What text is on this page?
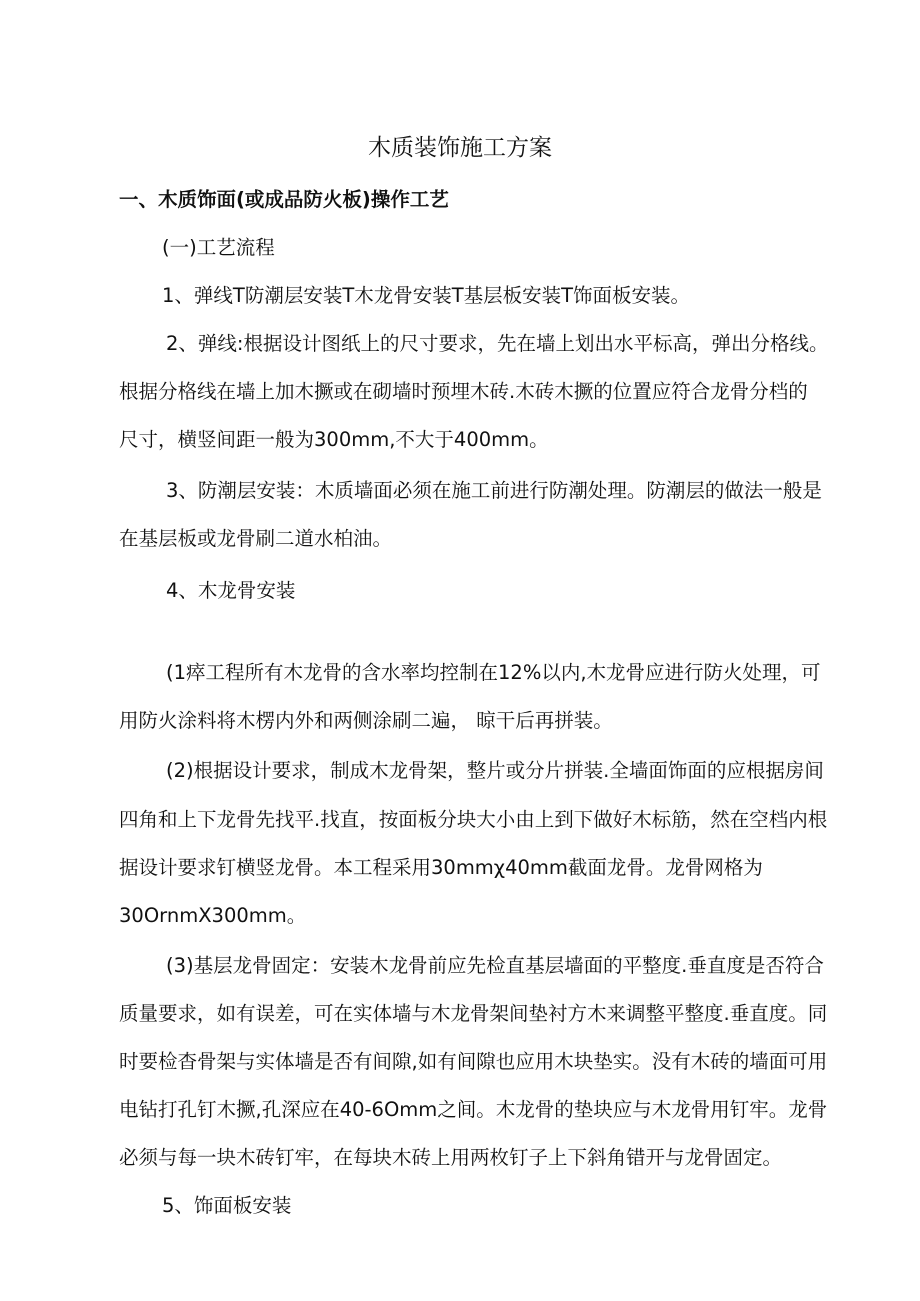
木质装饰施工方案
一、木质饰面(或成品防火板)操作工艺
(一)工艺流程
1、弹线T防潮层安装T木龙骨安装T基层板安装T饰面板安装。
2、弹线:根据设计图纸上的尺寸要求，先在墙上划出水平标高，弹出分格线。
根据分格线在墙上加木撅或在砌墙时预埋木砖.木砖木撅的位置应符合龙骨分档的
尺寸，横竖间距一般为300mm,不大于400mm。
3、防潮层安装：木质墙面必须在施工前进行防潮处理。防潮层的做法一般是
在基层板或龙骨刷二道水柏油。
4、木龙骨安装
(1瘁工程所有木龙骨的含水率均控制在12%以内,木龙骨应进行防火处理，可
用防火涂料将木楞内外和两侧涂刷二遍， 晾干后再拼装。
(2)根据设计要求，制成木龙骨架，整片或分片拼装.全墙面饰面的应根据房间
四角和上下龙骨先找平.找直，按面板分块大小由上到下做好木标筋，然在空档内根
据设计要求钉横竖龙骨。本工程采用30mmχ40mm截面龙骨。龙骨网格为
30OrnmX300mm。
(3)基层龙骨固定：安装木龙骨前应先检直基层墙面的平整度.垂直度是否符合
质量要求，如有误差，可在实体墙与木龙骨架间垫衬方木来调整平整度.垂直度。同
时要检杳骨架与实体墙是否有间隙,如有间隙也应用木块垫实。没有木砖的墙面可用
电钻打孔钉木撅,孔深应在40-6Omm之间。木龙骨的垫块应与木龙骨用钉牢。龙骨
必须与每一块木砖钉牢，在每块木砖上用两枚钉子上下斜角错开与龙骨固定。
5、饰面板安装
